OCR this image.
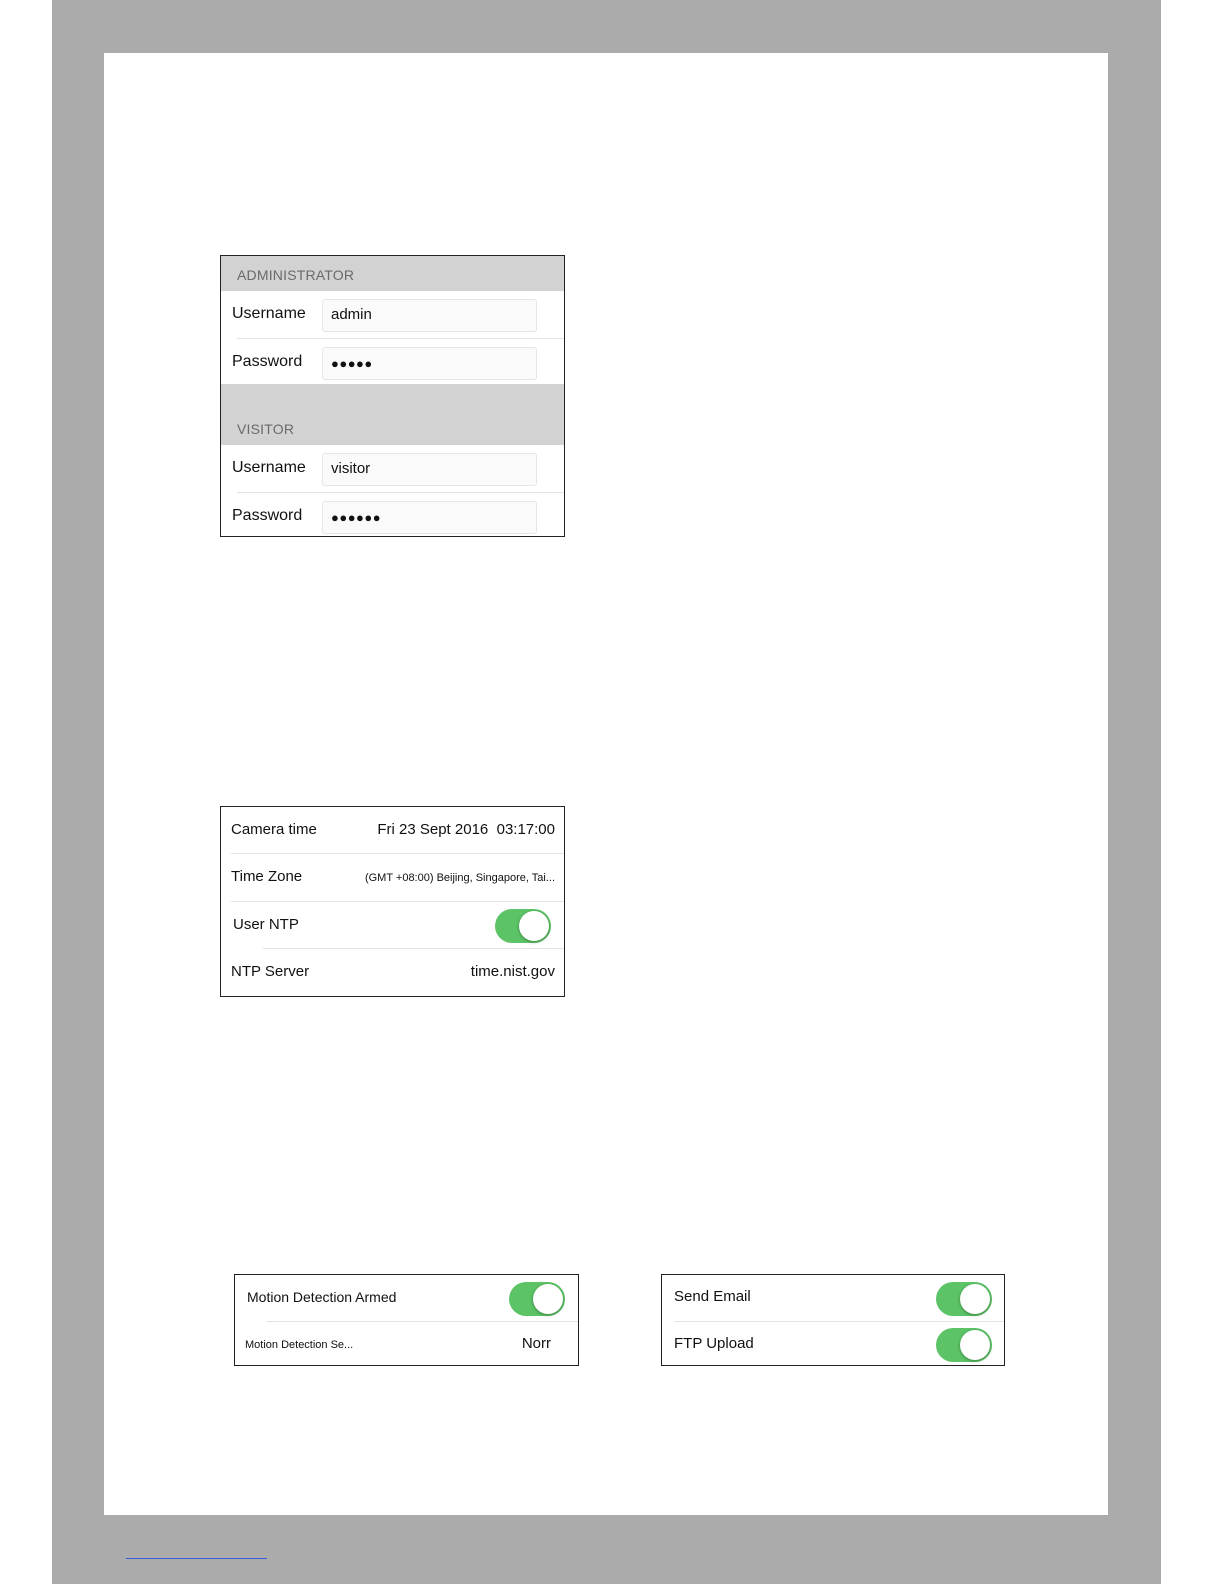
ADMINISTRATOR
Username	admin
Password	●●●●●
VISITOR
Username	visitor
Password	●●●●●●
Camera time	Fri 23 Sept 2016  03:17:00
Time Zone	(GMT +08:00) Beijing, Singapore, Tai...
User NTP
NTP Server	time.nist.gov
Motion Detection Armed
Motion Detection Se...	Norr
Send Email
FTP Upload
